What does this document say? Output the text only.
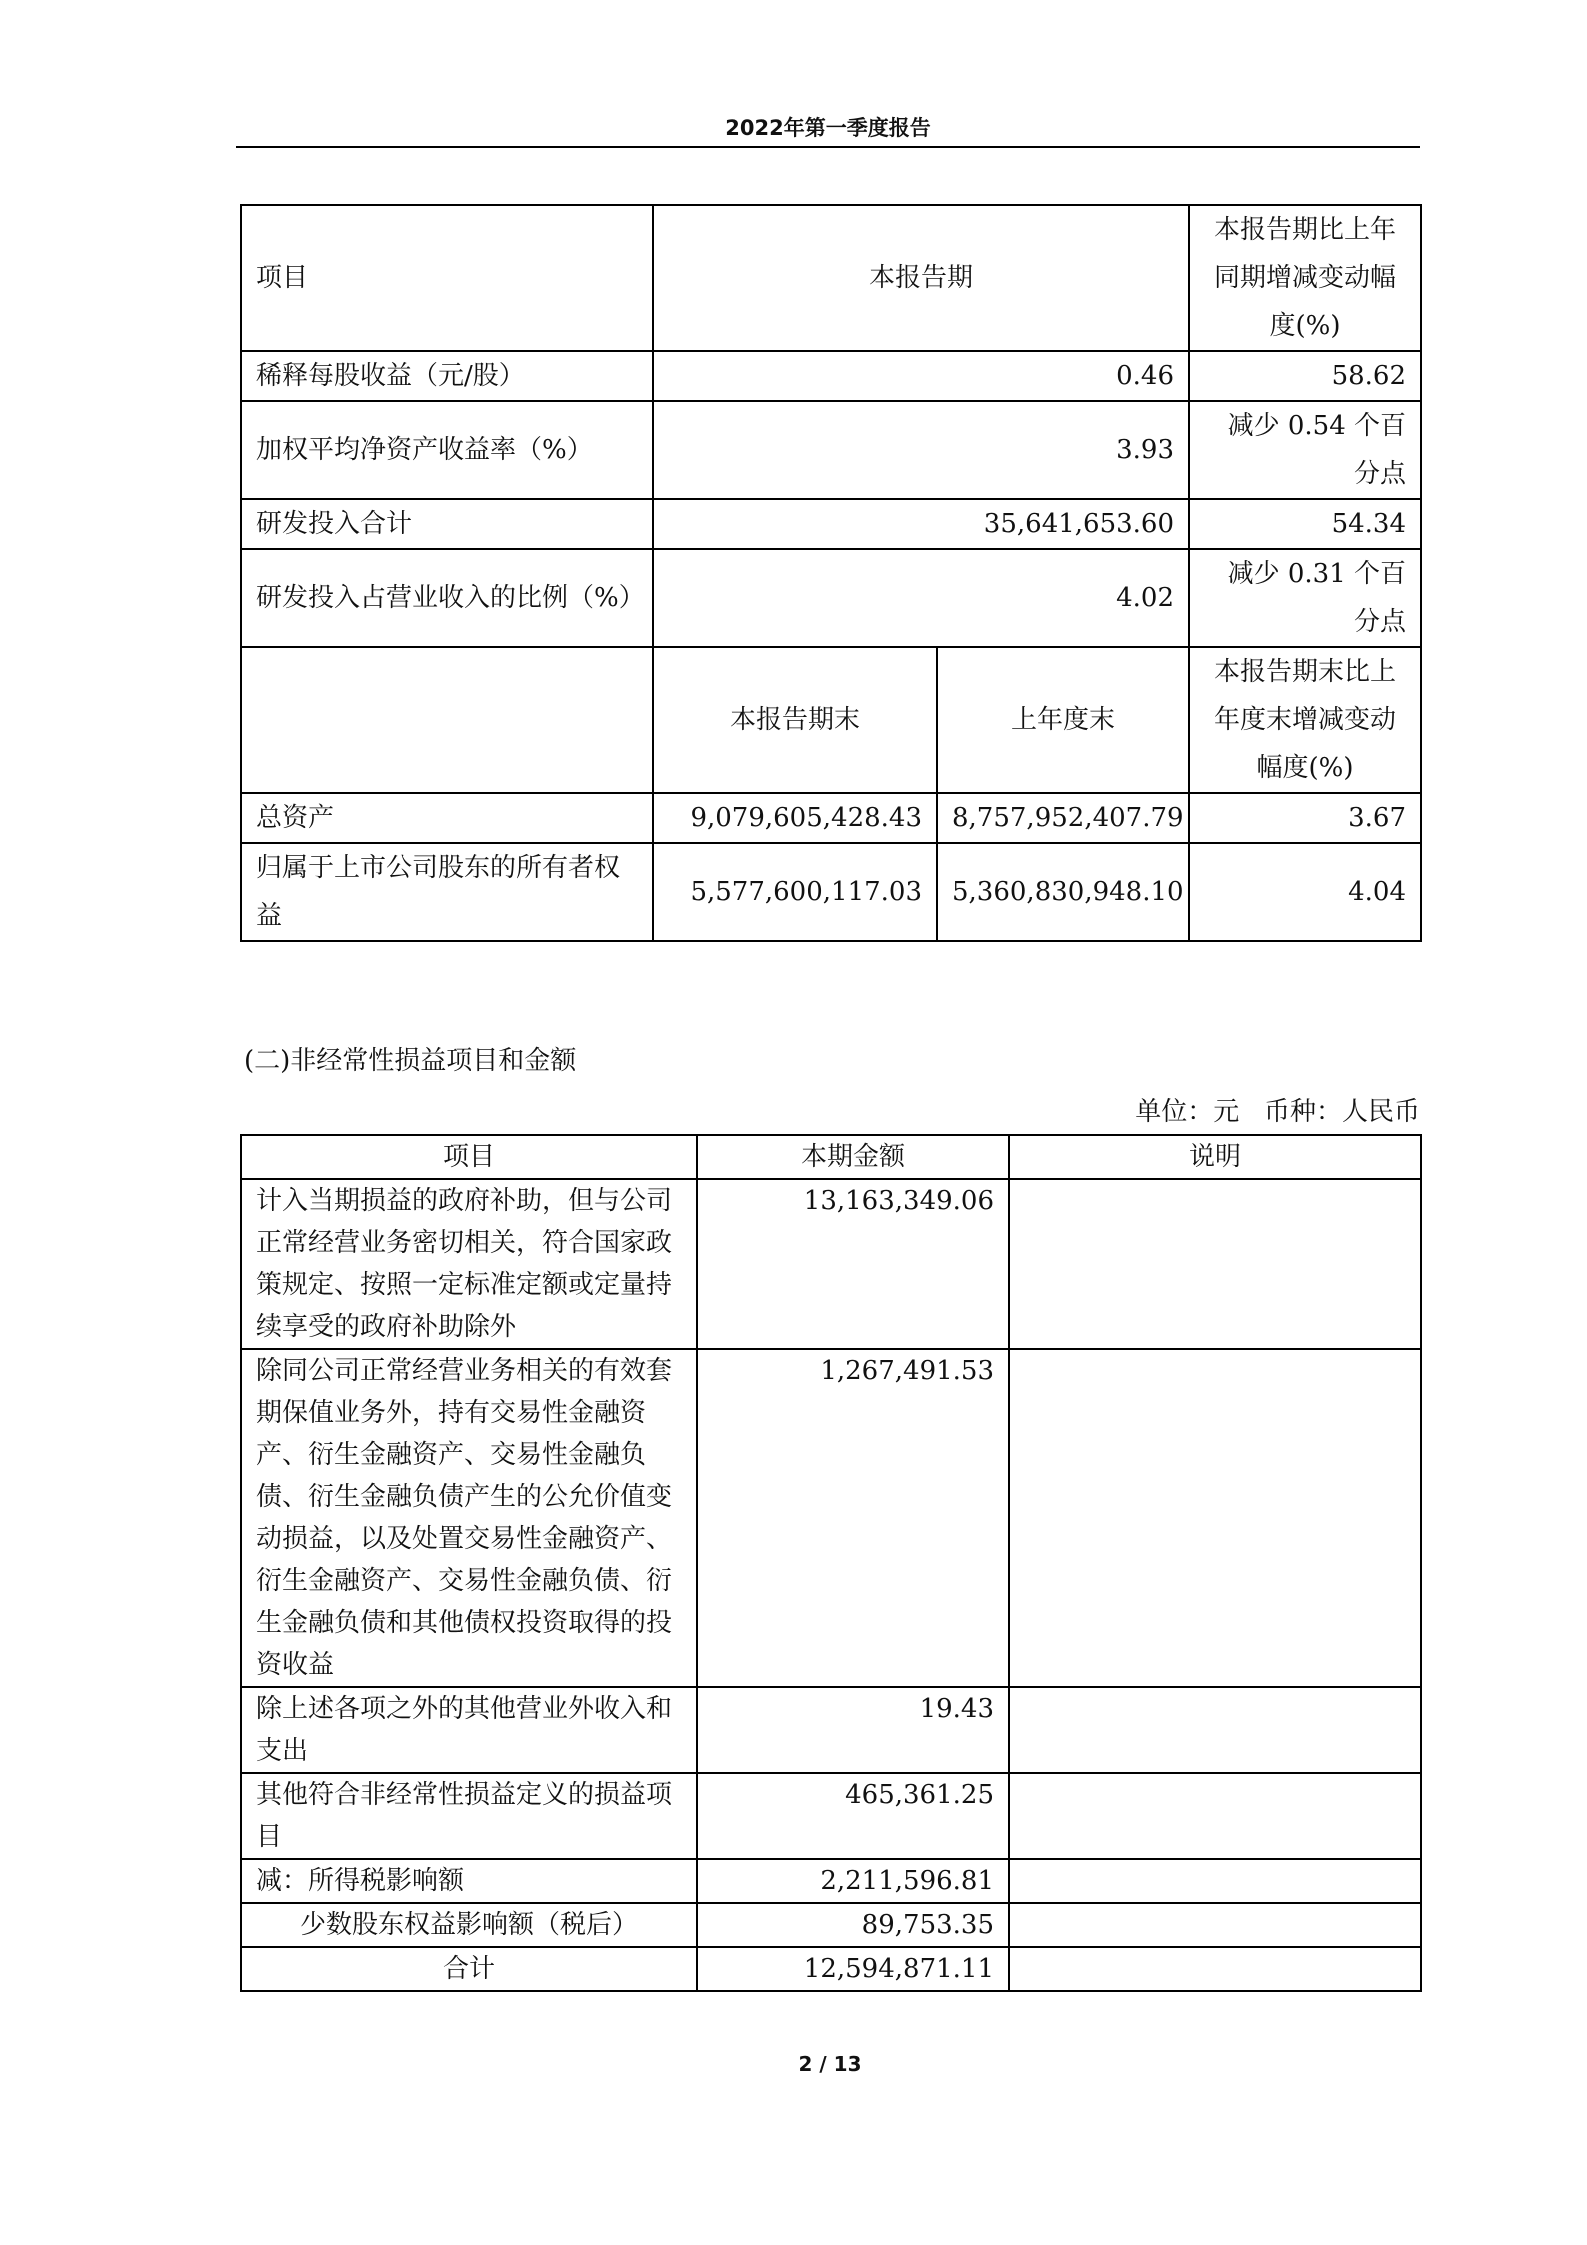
2022年第一季度报告
项目	本报告期		本报告期比上年同期增减变动幅度(%)
稀释每股收益（元/股）	0.46		58.62
加权平均净资产收益率（%）	3.93		减少 0.54 个百分点
研发投入合计	35,641,653.60		54.34
研发投入占营业收入的比例（%）	4.02		减少 0.31 个百分点
	本报告期末	上年度末	本报告期末比上年度末增减变动幅度(%)
总资产	9,079,605,428.43	8,757,952,407.79	3.67
归属于上市公司股东的所有者权益	5,577,600,117.03	5,360,830,948.10	4.04
(二)非经常性损益项目和金额
单位：元   币种：人民币
项目	本期金额	说明
计入当期损益的政府补助，但与公司正常经营业务密切相关，符合国家政策规定、按照一定标准定额或定量持续享受的政府补助除外	13,163,349.06	
除同公司正常经营业务相关的有效套期保值业务外，持有交易性金融资产、衍生金融资产、交易性金融负债、衍生金融负债产生的公允价值变动损益，以及处置交易性金融资产、衍生金融资产、交易性金融负债、衍生金融负债和其他债权投资取得的投资收益	1,267,491.53	
除上述各项之外的其他营业外收入和支出	19.43	
其他符合非经常性损益定义的损益项目	465,361.25	
减：所得税影响额	2,211,596.81	
少数股东权益影响额（税后）	89,753.35	
合计	12,594,871.11	
2 / 13
